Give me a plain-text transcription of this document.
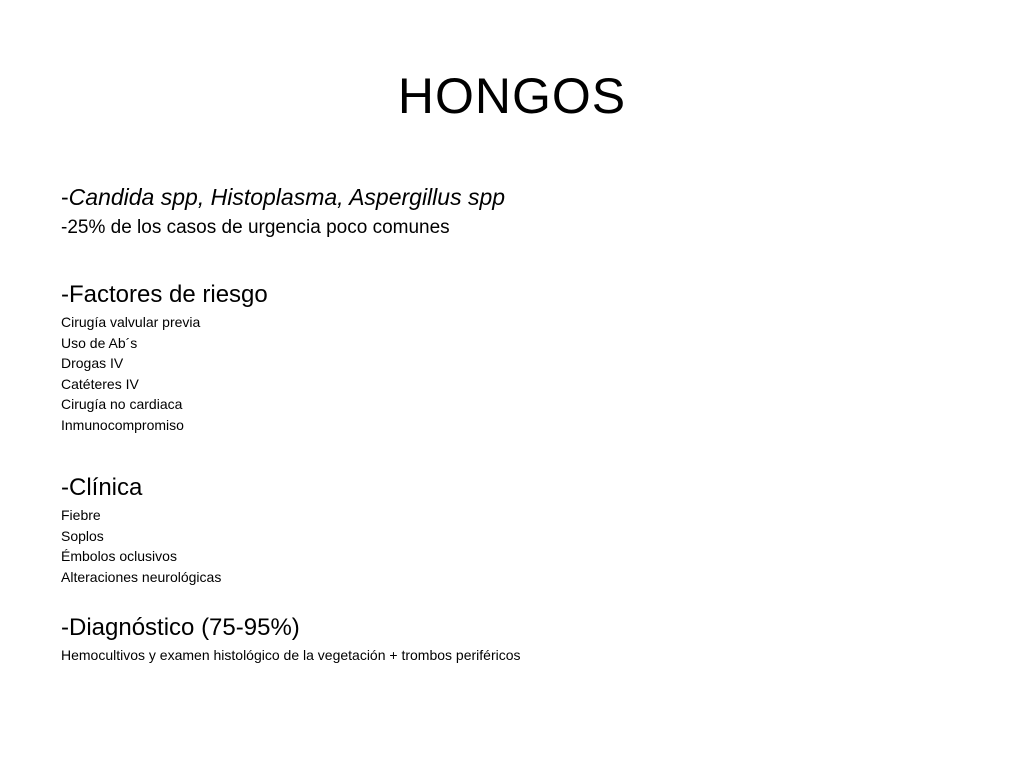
HONGOS
-Candida spp, Histoplasma, Aspergillus spp
-25% de los casos de urgencia poco comunes
-Factores de riesgo
Cirugía valvular previa
Uso de Ab´s
Drogas IV
Catéteres IV
Cirugía no cardiaca
Inmunocompromiso
-Clínica
Fiebre
Soplos
Émbolos oclusivos
Alteraciones neurológicas
-Diagnóstico (75-95%)
Hemocultivos y examen histológico de la vegetación + trombos periféricos
